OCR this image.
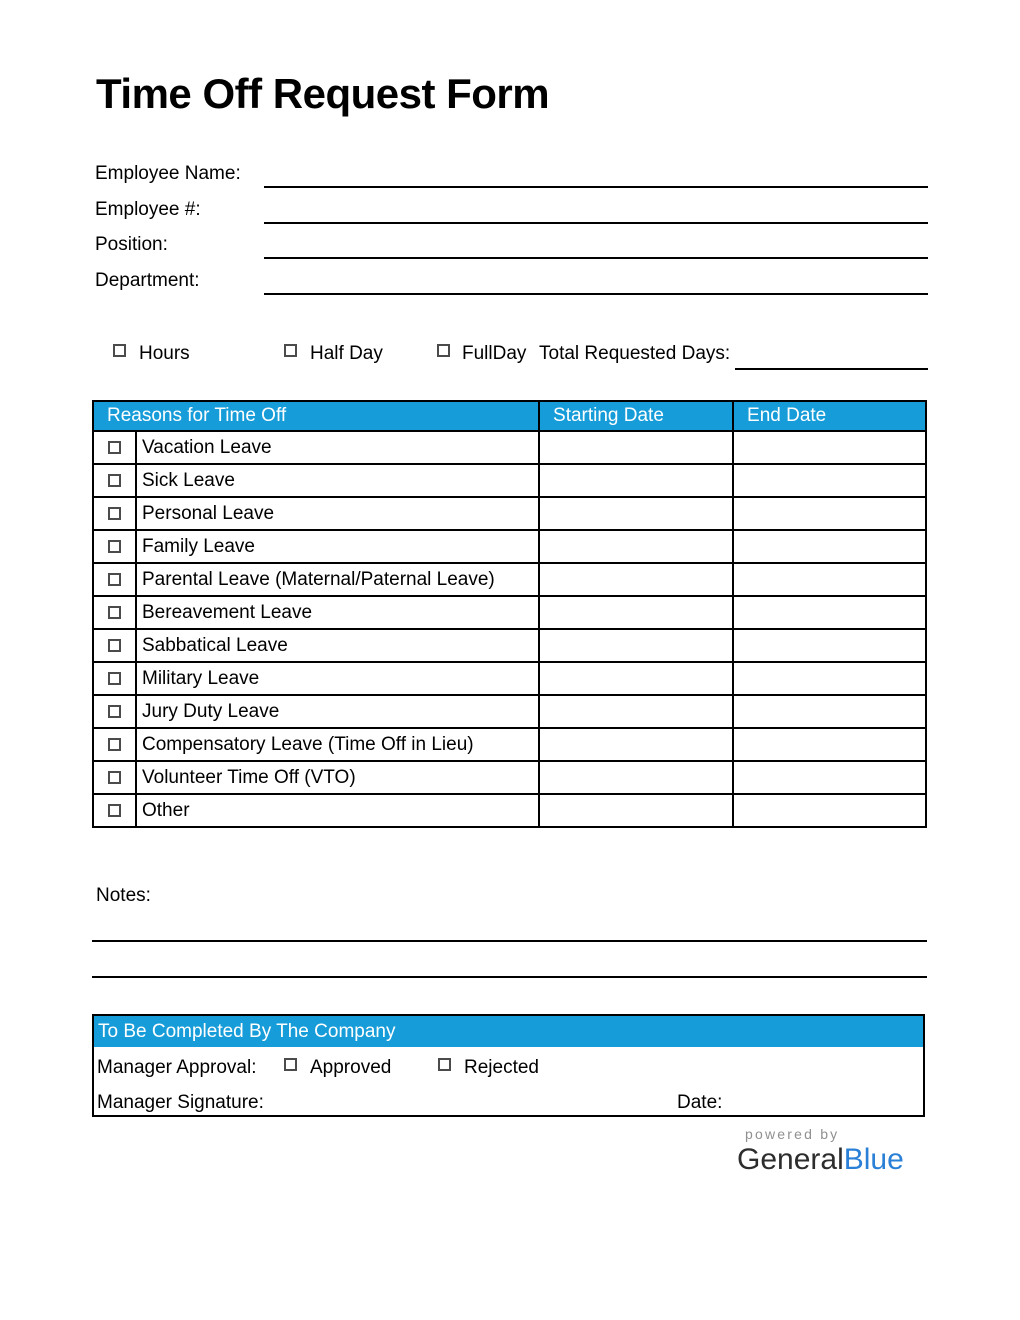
Time Off Request Form
Employee Name:
Employee #:
Position:
Department:
Total Requested Days:
Hours	Half Day	FullDay
Reasons for Time Off		Starting Date	End Date
	Vacation Leave		
	Sick Leave		
	Personal Leave		
	Family Leave		
	Parental Leave (Maternal/Paternal Leave)		
	Bereavement Leave		
	Sabbatical Leave		
	Military Leave		
	Jury Duty Leave		
	Compensatory Leave (Time Off in Lieu)		
	Volunteer Time Off (VTO)		
	Other		
Notes:
To Be Completed By The Company
Manager Approval:	Approved	Rejected
Manager Signature:	Date:
powered by
GeneralBlue
